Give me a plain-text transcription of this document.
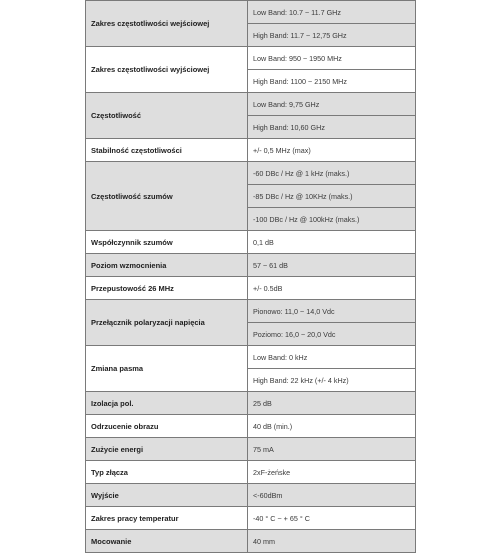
Zakres częstotliwości wejściowej	Low Band: 10.7 ~ 11.7 GHz
	High Band: 11.7 ~ 12,75 GHz
Zakres częstotliwości wyjściowej	Low Band: 950 ~ 1950 MHz
	High Band: 1100 ~ 2150 MHz
Częstotliwość	Low Band: 9,75 GHz
	High Band: 10,60 GHz
Stabilność częstotliwości	+/- 0,5 MHz (max)
Częstotliwość szumów	-60 DBc / Hz @ 1 kHz (maks.)
	-85 DBc / Hz @ 10KHz (maks.)
	-100 DBc / Hz @ 100kHz (maks.)
Współczynnik szumów	0,1 dB
Poziom wzmocnienia	57 ~ 61 dB
Przepustowość 26 MHz	+/- 0.5dB
Przełącznik polaryzacji napięcia	Pionowo: 11,0 ~ 14,0 Vdc
	Poziomo: 16,0 ~ 20,0 Vdc
Zmiana pasma	Low Band: 0 kHz
	High Band: 22 kHz (+/- 4 kHz)
Izolacja pol.	25 dB
Odrzucenie obrazu	40 dB (min.)
Zużycie energi	75 mA
Typ złącza	2xF-żeńske
Wyjście	<-60dBm
Zakres pracy temperatur	-40 ° C ~ + 65 ° C
Mocowanie	40 mm
